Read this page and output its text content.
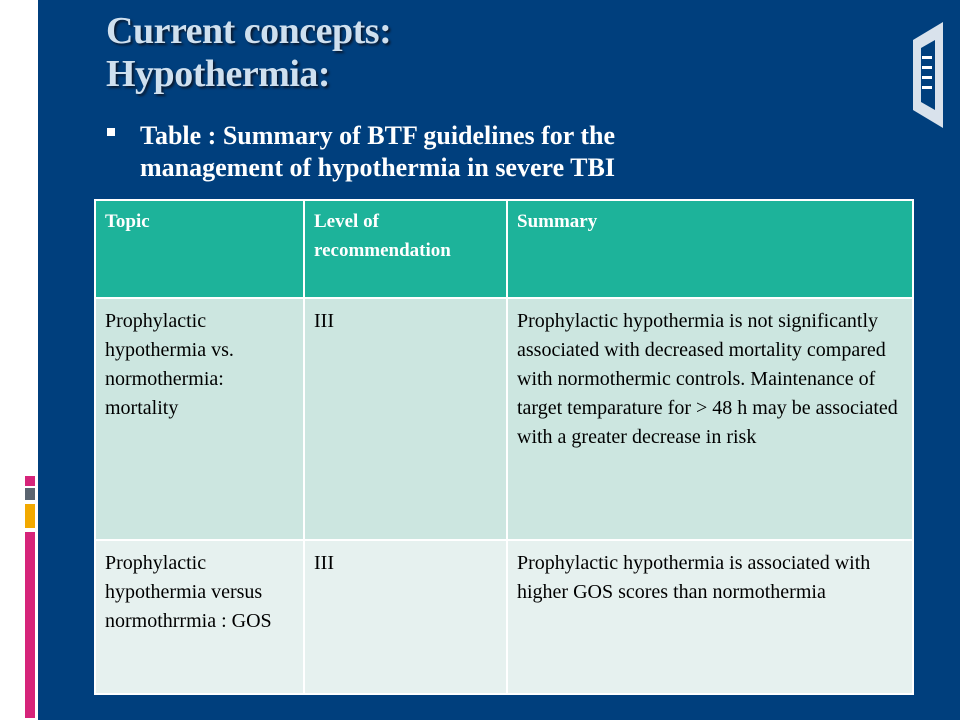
Current concepts:
Hypothermia:
Table : Summary of BTF guidelines for the
management of hypothermia in severe TBI
Topic	Level of recommendation	Summary
Prophylactic hypothermia vs. normothermia: mortality	III	Prophylactic hypothermia is not significantly associated with decreased mortality compared with normothermic controls. Maintenance of target temparature for > 48 h may be associated with a greater decrease in risk
Prophylactic hypothermia versus normothrrmia : GOS	III	Prophylactic hypothermia is associated with higher GOS scores than normothermia
